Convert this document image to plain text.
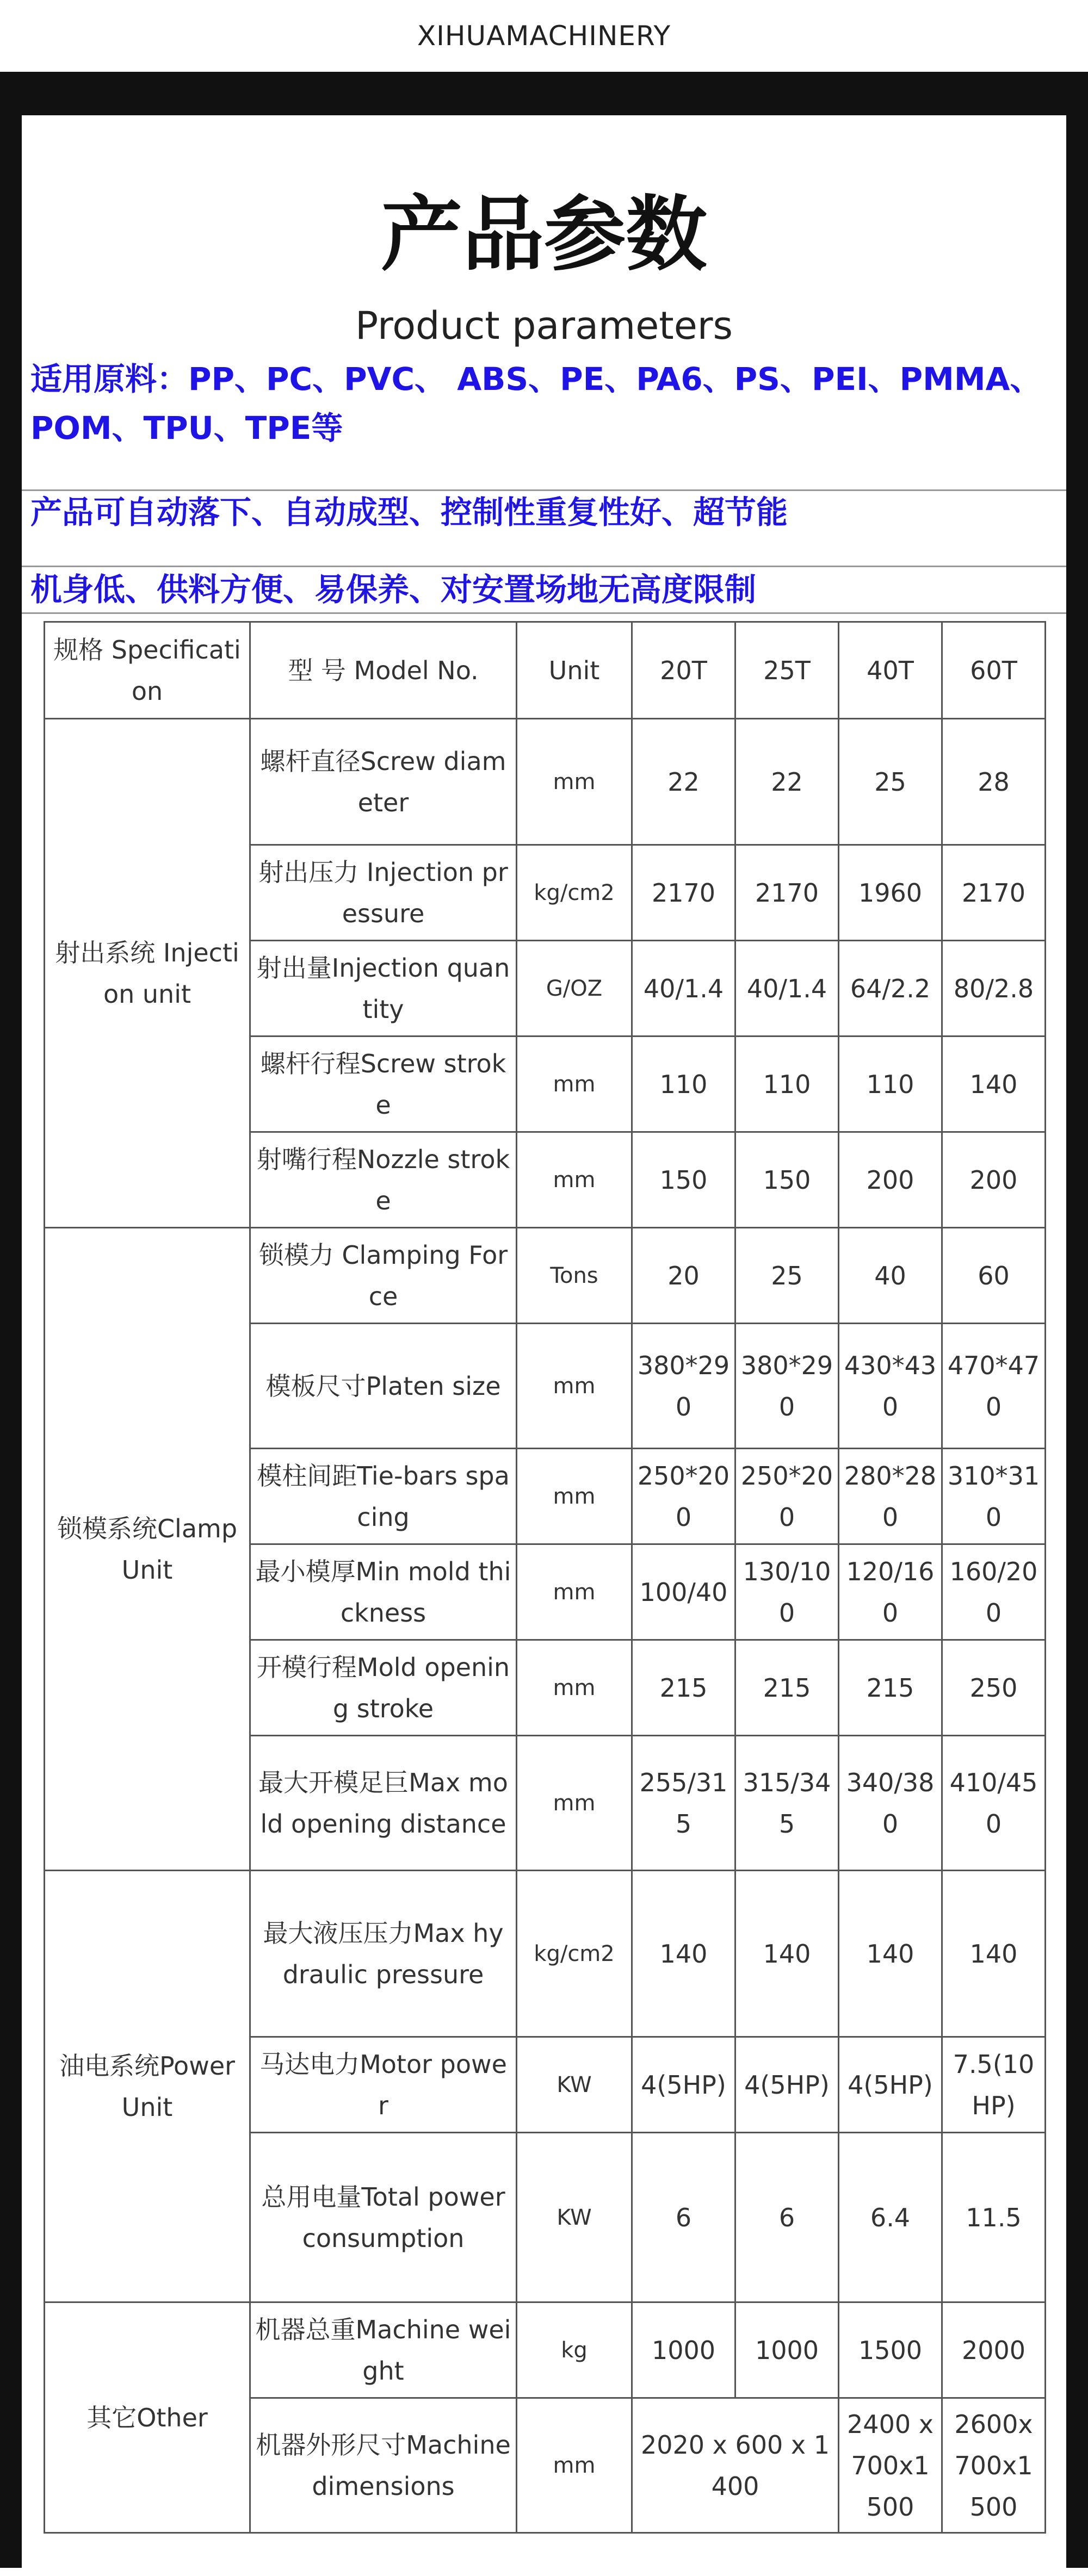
XIHUAMACHINERY
产品参数
Product parameters
适用原料：PP、PC、PVC、 ABS、PE、PA6、PS、PEI、PMMA、POM、TPU、TPE等
产品可自动落下、自动成型、控制性重复性好、超节能
机身低、供料方便、易保养、对安置场地无高度限制
规格 Specification	型 号 Model No.	Unit	20T	25T	40T	60T
射出系统 Injection unit	螺杆直径Screw diameter	mm	22	22	25	28
	射出压力 Injection pressure	kg/cm2	2170	2170	1960	2170
	射出量Injection quantity	G/OZ	40/1.4	40/1.4	64/2.2	80/2.8
	螺杆行程Screw stroke	mm	110	110	110	140
	射嘴行程Nozzle stroke	mm	150	150	200	200
锁模系统Clamp Unit	锁模力 Clamping Force	Tons	20	25	40	60
	模板尺寸Platen size	mm	380*290	380*290	430*430	470*470
	模柱间距Tie-bars spacing	mm	250*200	250*200	280*280	310*310
	最小模厚Min mold thickness	mm	100/40	130/100	120/160	160/200
	开模行程Mold opening stroke	mm	215	215	215	250
	最大开模足巨Max mold opening distance	mm	255/315	315/345	340/380	410/450
油电系统Power Unit	最大液压压力Max hydraulic pressure	kg/cm2	140	140	140	140
	马达电力Motor power	KW	4(5HP)	4(5HP)	4(5HP)	7.5(10HP)
	总用电量Total power consumption	KW	6	6	6.4	11.5
其它Other	机器总重Machine weight	kg	1000	1000	1500	2000
	机器外形尺寸Machine dimensions	mm	2020 x 600 x 1400		2400 x 700x1500	2600x 700x1500
